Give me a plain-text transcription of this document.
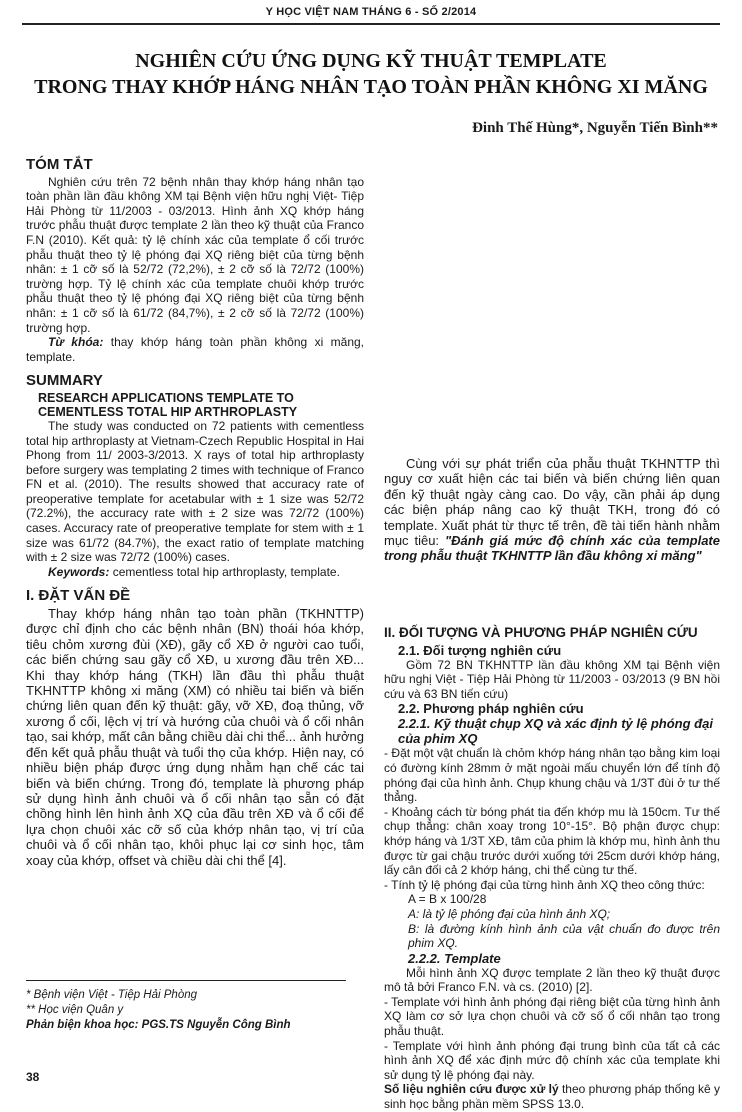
Y HỌC VIỆT NAM THÁNG 6 - SỐ 2/2014
NGHIÊN CỨU ỨNG DỤNG KỸ THUẬT TEMPLATE
TRONG THAY KHỚP HÁNG NHÂN TẠO TOÀN PHẦN KHÔNG XI MĂNG
Đinh Thế Hùng*, Nguyễn Tiến Bình**
TÓM TẮT

Nghiên cứu trên 72 bệnh nhân thay khớp háng nhân tạo toàn phần lần đầu không XM tại Bệnh viện hữu nghị Việt- Tiệp Hải Phòng từ 11/2003 - 03/2013. Hình ảnh XQ khớp háng trước phẫu thuật được template 2 lần theo kỹ thuật của Franco F.N (2010). Kết quả: tỷ lệ chính xác của template ổ cối trước phẫu thuật theo tỷ lệ phóng đại XQ riêng biệt của từng bệnh nhân: ± 1 cỡ số là 52/72 (72,2%), ± 2 cỡ số là 72/72 (100%) trường hợp. Tỷ lệ chính xác của template chuôi khớp trước phẫu thuật theo tỷ lệ phóng đại XQ riêng biệt của từng bệnh nhân: ± 1 cỡ số là 61/72 (84,7%), ± 2 cỡ số là 72/72 (100%) trường hợp.

Từ khóa: thay khớp háng toàn phần không xi măng, template.

SUMMARY
RESEARCH APPLICATIONS TEMPLATE TO CEMENTLESS TOTAL HIP ARTHROPLASTY

The study was conducted on 72 patients with cementless total hip arthroplasty at Vietnam-Czech Republic Hospital in Hai Phong from 11/ 2003-3/2013. X rays of total hip arthroplasty before surgery was templating 2 times with technique of Franco FN et al. (2010). The results showed that accuracy rate of preoperative template for acetabular with ± 1 size was 52/72 (72.2%), the accuracy rate with ± 2 size was 72/72 (100%) cases. Accuracy rate of preoperative template for stem with ± 1 size was 61/72 (84.7%), the exact ratio of template matching with ± 2 size was 72/72 (100%) cases.

Keywords: cementless total hip arthroplasty, template.

I. ĐẶT VẤN ĐỀ

Thay khớp háng nhân tạo toàn phần (TKHNTTP) được chỉ định cho các bệnh nhân (BN) thoái hóa khớp, tiêu chỏm xương đùi (XĐ), gãy cổ XĐ ở người cao tuổi, các biến chứng sau gãy cổ XĐ, u xương đầu trên XĐ... Khi thay khớp háng (TKH) lần đầu thì phẫu thuật TKHNTTP không xi măng (XM) có nhiều tai biến và biến chứng liên quan đến kỹ thuật: gãy, vỡ XĐ, đoạ thủng, vỡ xương ổ cối, lệch vị trí và hướng của chuôi và ổ cối nhân tạo, sai khớp, mất cân bằng chiều dài chi thể... ảnh hưởng đến kết quả phẫu thuật và tuổi thọ của khớp. Hiện nay, có nhiều biện pháp được ứng dụng nhằm hạn chế các tai biến và biến chứng. Trong đó, template là phương pháp sử dụng hình ảnh chuôi và ổ cối nhân tạo sẵn có đặt chồng hình lên hình ảnh XQ của đầu trên XĐ và ổ cối để lựa chọn chuôi xác cỡ số của khớp nhân tạo, vị trí của chuôi và ổ cối nhân tạo, khôi phục lại cơ sinh học, tâm xoay của khớp, offset và chiều dài chi thể [4].

Cùng với sự phát triển của phẫu thuật TKHNTTP thì nguy cơ xuất hiện các tai biến và biến chứng liên quan đến kỹ thuật ngày càng cao. Do vậy, cần phải áp dụng các biện pháp nâng cao kỹ thuật TKH, trong đó có template. Xuất phát từ thực tế trên, đề tài tiến hành nhằm mục tiêu: "Đánh giá mức độ chính xác của template trong phẫu thuật TKHNTTP lần đầu không xi măng"

II. ĐỐI TƯỢNG VÀ PHƯƠNG PHÁP NGHIÊN CỨU
2.1. Đối tượng nghiên cứu

Gồm 72 BN TKHNTTP lần đầu không XM tại Bệnh viện hữu nghị Việt - Tiệp Hải Phòng từ 11/2003 - 03/2013 (9 BN hồi cứu và 63 BN tiến cứu)

2.2. Phương pháp nghiên cứu
2.2.1. Kỹ thuật chụp XQ và xác định tỷ lệ phóng đại của phim XQ

- Đặt một vật chuẩn là chỏm khớp háng nhân tạo bằng kim loại có đường kính 28mm ở mặt ngoài mấu chuyển lớn để tính độ phóng đại của hình ảnh. Chụp khung chậu và 1/3T đùi ở tư thế thẳng.

- Khoảng cách từ bóng phát tia đến khớp mu là 150cm. Tư thế chụp thẳng: chân xoay trong 10°-15°. Bộ phận được chụp: khớp háng và 1/3T XĐ, tâm của phim là khớp mu, hình ảnh thu được từ gai chậu trước dưới xuống tới 25cm dưới khớp háng, lấy cân đối cả 2 khớp háng, chi thể cùng tư thế.

- Tính tỷ lệ phóng đại của từng hình ảnh XQ theo công thức:

A = B x 100/28

A: là tỷ lệ phóng đại của hình ảnh XQ;

B: là đường kính hình ảnh của vật chuẩn đo được trên phim XQ.

2.2.2. Template

Mỗi hình ảnh XQ được template 2 lần theo kỹ thuật được mô tả bởi Franco F.N. và cs. (2010) [2].

- Template với hình ảnh phóng đại riêng biệt của từng hình ảnh XQ làm cơ sở lựa chọn chuôi và cỡ số ổ cối nhân tạo trong phẫu thuật.

- Template với hình ảnh phóng đại trung bình của tất cả các hình ảnh XQ để xác định mức độ chính xác của template khi sử dụng tỷ lệ phóng đại này.

Số liệu nghiên cứu được xử lý theo phương pháp thống kê y sinh học bằng phần mềm SPSS 13.0.

* Bệnh viện Việt - Tiệp Hải Phòng
** Học viện Quân y
Phản biện khoa học: PGS.TS Nguyễn Công Bình
38
